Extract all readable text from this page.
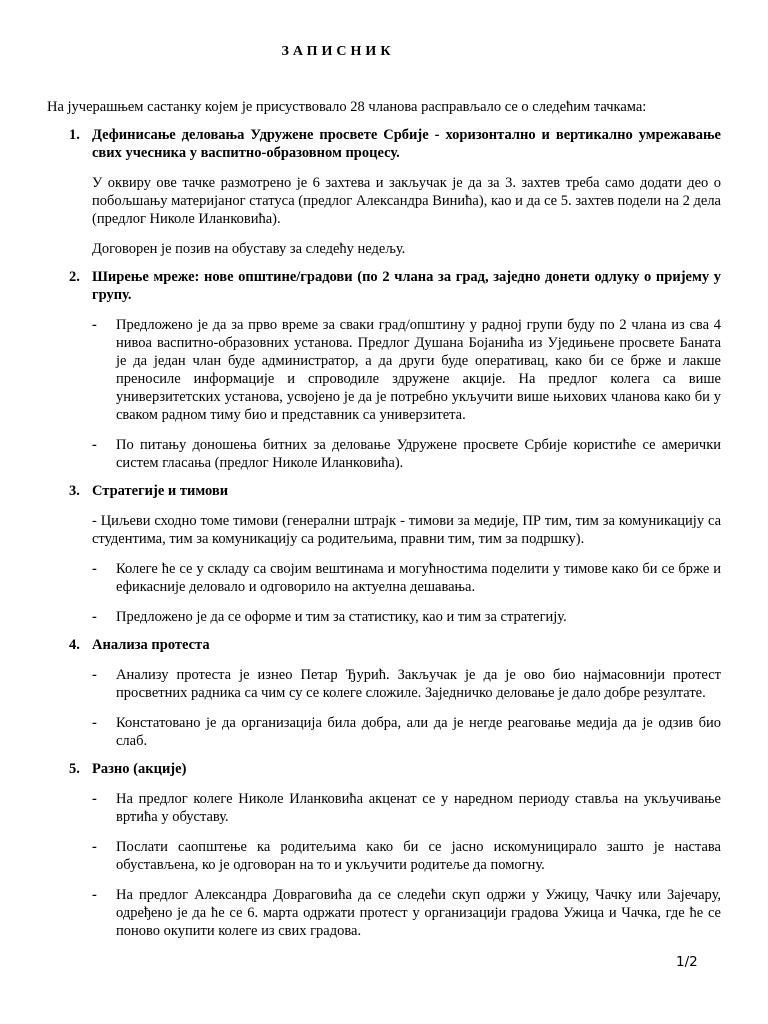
ЗАПИСНИК
На јучерашњем састанку којем је присуствовало 28 чланова расправљало се о следећим тачкама:
1. Дефинисање деловања Удружене просвете Србије - хоризонтално и вертикално умрежавање свих учесника у васпитно-образовном процесу.
У оквиру ове тачке размотрено је 6 захтева и закључак је да за 3. захтев треба само додати део о побољшању материјаног статуса (предлог Александра Винића), као и да се 5. захтев подели на 2 дела (предлог Николе Иланковића).
Договорен је позив на обуставу за следећу недељу.
2. Ширење мреже: нове општине/градови (по 2 члана за град, заједно донети одлуку о пријему у групу.
- Предложено је да за прво време за сваки град/општину у радној групи буду по 2 члана из сва 4 нивоа васпитно-образовних установа. Предлог Душана Бојанића из Уједињене просвете Баната је да један члан буде администратор, а да други буде оперативац, како би се брже и лакше преносиле информације и спроводиле здружене акције. На предлог колега са више универзитетских установа, усвојено је да је потребно укључити више њихових чланова како би у сваком радном тиму био и представник са универзитета.
- По питању доношења битних за деловање Удружене просвете Србије користиће се амерички систем гласања (предлог Николе Иланковића).
3. Стратегије и тимови
- Циљеви сходно томе тимови (генерални штрајк - тимови за медије, ПР тим, тим за комуникацију са студентима, тим за комуникацију са родитељима, правни тим, тим за подршку).
- Колеге ће се у складу са својим вештинама и могућностима поделити у тимове како би се брже и ефикасније деловало и одговорило на актуелна дешавања.
- Предложено је да се оформе и тим за статистику, као и тим за стратегију.
4. Анализа протеста
- Анализу протеста је изнео Петар Ђурић. Закључак је да је ово био најмасовнији протест просветних радника са чим су се колеге сложиле. Заједничко деловање је дало добре резултате.
- Констатовано је да организација била добра, али да је негде реаговање медија да је одзив био слаб.
5. Разно (акције)
- На предлог колеге Николе Иланковића акценат се у наредном периоду ставља на укључивање вртића у обуставу.
- Послати саопштење ка родитељима како би се јасно искомуницирало зашто је настава обустављена, ко је одговоран на то и укључити родитеље да помогну.
- На предлог Александра Довраговића да се следећи скуп одржи у Ужицу, Чачку или Зајечару, одређено је да ће се 6. марта одржати протест у организацији градова Ужица и Чачка, где ће се поново окупити колеге из свих градова.
1/2
